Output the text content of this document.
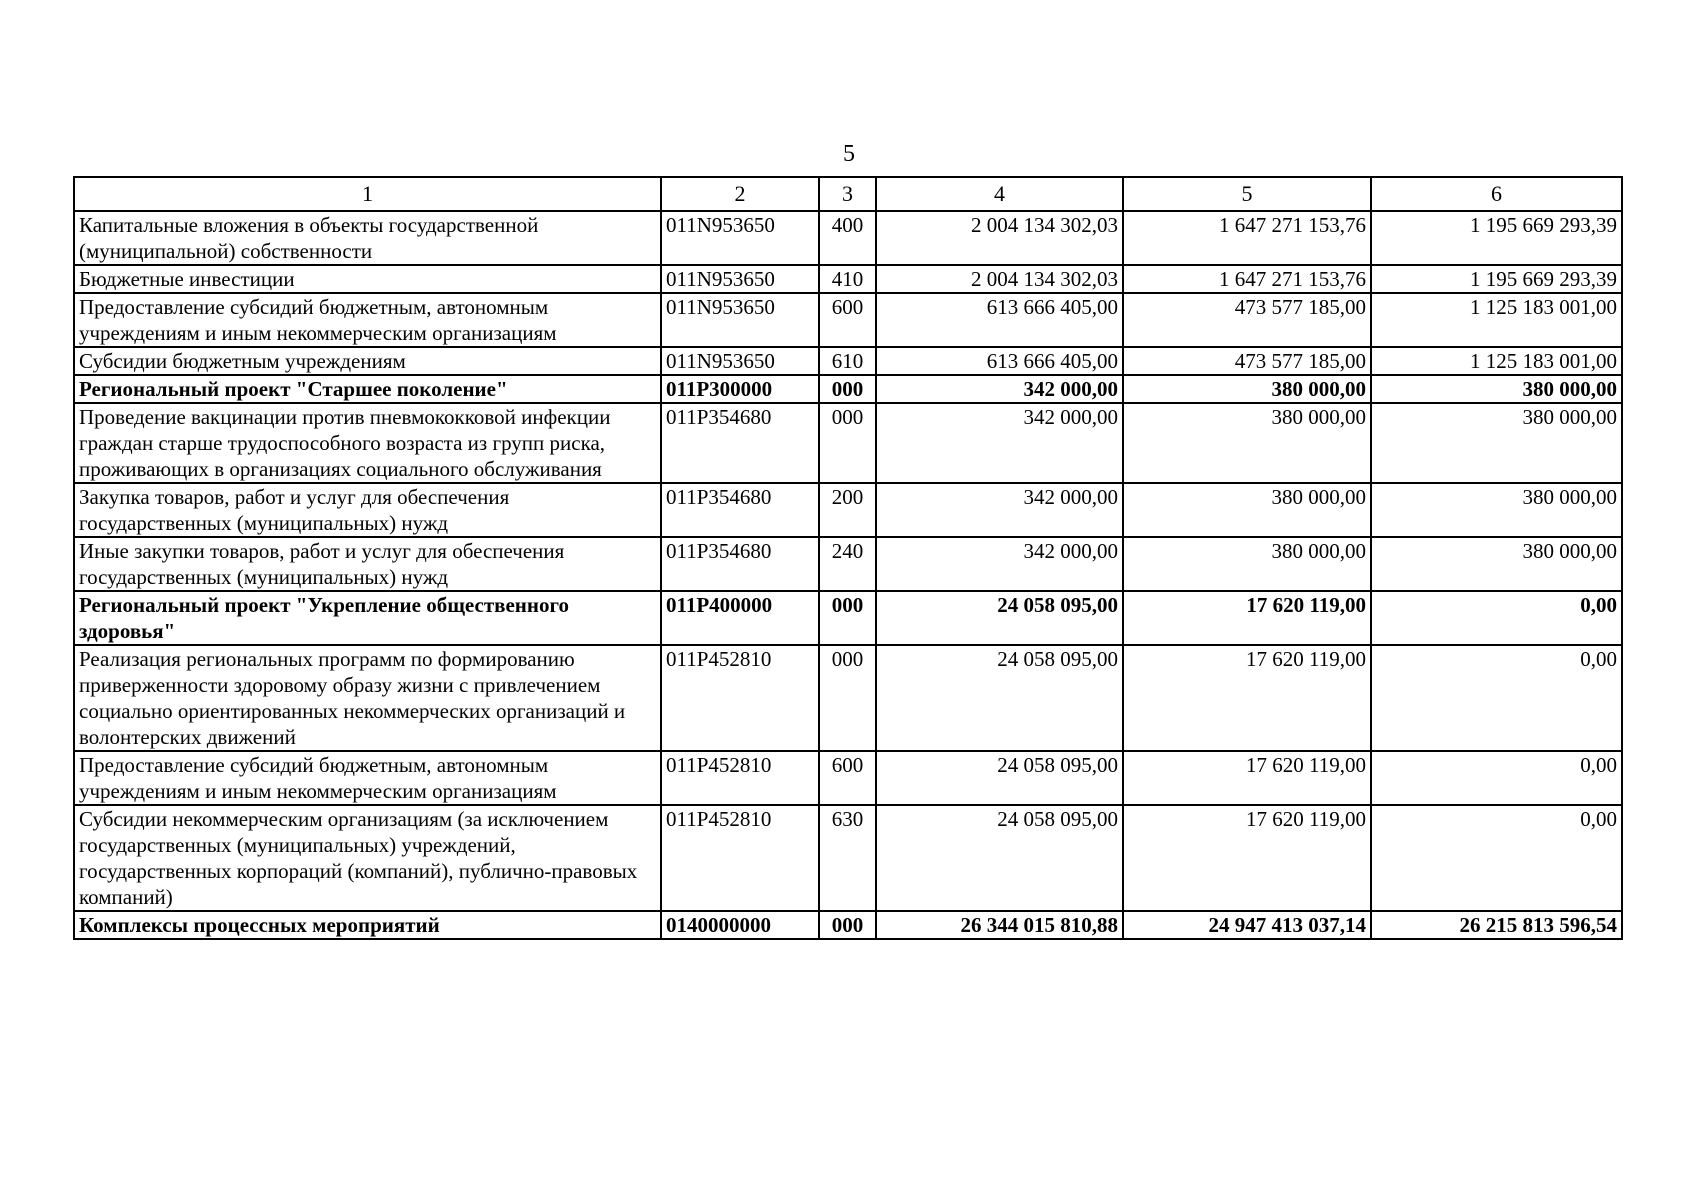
5
1	2	3	4	5	6
Капитальные вложения в объекты государственной (муниципальной) собственности	011N953650	400	2 004 134 302,03	1 647 271 153,76	1 195 669 293,39
Бюджетные инвестиции	011N953650	410	2 004 134 302,03	1 647 271 153,76	1 195 669 293,39
Предоставление субсидий бюджетным, автономным учреждениям и иным некоммерческим организациям	011N953650	600	613 666 405,00	473 577 185,00	1 125 183 001,00
Субсидии бюджетным учреждениям	011N953650	610	613 666 405,00	473 577 185,00	1 125 183 001,00
Региональный проект "Старшее поколение"	011P300000	000	342 000,00	380 000,00	380 000,00
Проведение вакцинации против пневмококковой инфекции граждан старше трудоспособного возраста из групп риска, проживающих в организациях социального обслуживания	011P354680	000	342 000,00	380 000,00	380 000,00
Закупка товаров, работ и услуг для обеспечения государственных (муниципальных) нужд	011P354680	200	342 000,00	380 000,00	380 000,00
Иные закупки товаров, работ и услуг для обеспечения государственных (муниципальных) нужд	011P354680	240	342 000,00	380 000,00	380 000,00
Региональный проект "Укрепление общественного здоровья"	011P400000	000	24 058 095,00	17 620 119,00	0,00
Реализация региональных программ по формированию приверженности здоровому образу жизни с привлечением социально ориентированных некоммерческих организаций и волонтерских движений	011P452810	000	24 058 095,00	17 620 119,00	0,00
Предоставление субсидий бюджетным, автономным учреждениям и иным некоммерческим организациям	011P452810	600	24 058 095,00	17 620 119,00	0,00
Субсидии некоммерческим организациям (за исключением государственных (муниципальных) учреждений, государственных корпораций (компаний), публично-правовых компаний)	011P452810	630	24 058 095,00	17 620 119,00	0,00
Комплексы процессных мероприятий	0140000000	000	26 344 015 810,88	24 947 413 037,14	26 215 813 596,54
